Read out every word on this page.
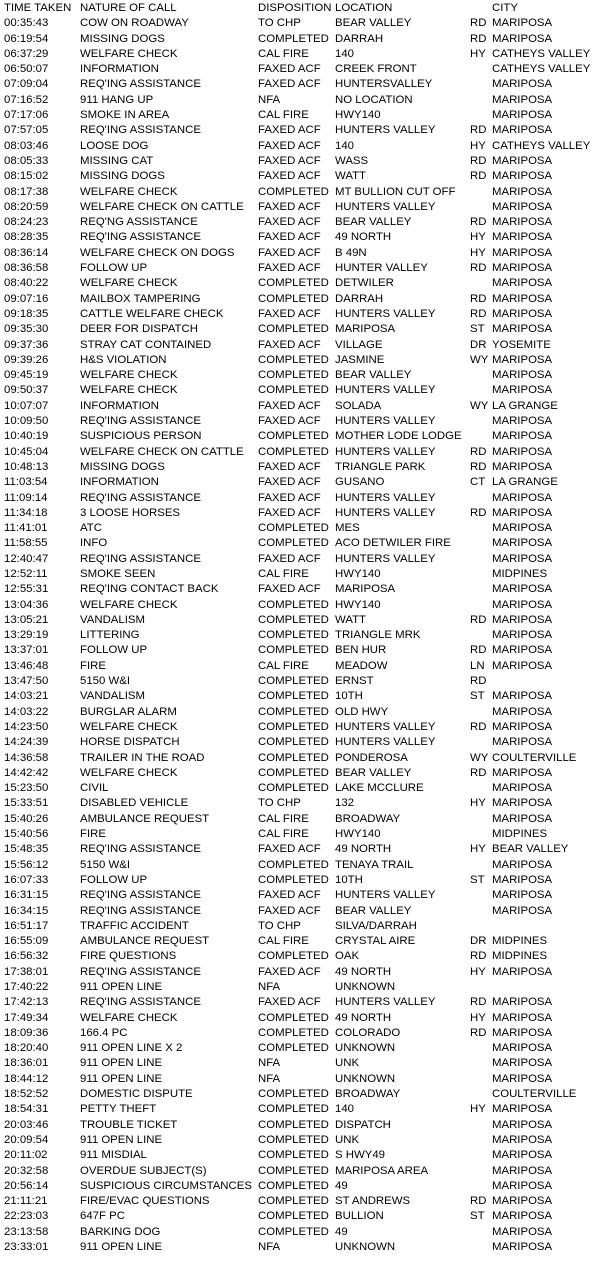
TIME TAKEN NATURE OF CALL	DISPOSITION LOCATION	CITY
00:35:43	COW ON ROADWAY	TO CHP	BEAR VALLEY	RD MARIPOSA
06:19:54	MISSING DOGS	COMPLETED DARRAH	RD MARIPOSA
06:37:29	WELFARE CHECK	CAL FIRE 140	HY CATHEYS VALLEY
06:50:07	INFORMATION	FAXED ACF CREEK FRONT	CATHEYS VALLEY
07:09:04	REQ'ING ASSISTANCE	FAXED ACF HUNTERSVALLEY	MARIPOSA
07:16:52	911 HANG UP	NFA	NO LOCATION	MARIPOSA
07:17:06	SMOKE IN AREA	CAL FIRE HWY140	MARIPOSA
07:57:05	REQ'ING ASSISTANCE	FAXED ACF HUNTERS VALLEY	RD MARIPOSA
08:03:46	LOOSE DOG	FAXED ACF 140	HY CATHEYS VALLEY
08:05:33	MISSING CAT	FAXED ACF WASS	RD MARIPOSA
08:15:02	MISSING DOGS	FAXED ACF WATT	RD MARIPOSA
08:17:38	WELFARE CHECK	COMPLETED MT BULLION CUT OFF	MARIPOSA
08:20:59	WELFARE CHECK ON CATTLE FAXED ACF HUNTERS VALLEY	MARIPOSA
08:24:23	REQ'NG ASSISTANCE	FAXED ACF BEAR VALLEY	RD MARIPOSA
08:28:35	REQ'ING ASSISTANCE	FAXED ACF 49 NORTH	HY MARIPOSA
08:36:14	WELFARE CHECK ON DOGS FAXED ACF B 49N	HY MARIPOSA
08:36:58	FOLLOW UP	FAXED ACF HUNTER VALLEY	RD MARIPOSA
08:40:22	WELFARE CHECK	COMPLETED DETWILER	MARIPOSA
09:07:16	MAILBOX TAMPERING	COMPLETED DARRAH	RD MARIPOSA
09:18:35	CATTLE WELFARE CHECK	FAXED ACF HUNTERS VALLEY	RD MARIPOSA
09:35:30	DEER FOR DISPATCH	COMPLETED MARIPOSA	ST MARIPOSA
09:37:36	STRAY CAT CONTAINED	FAXED ACF VILLAGE	DR YOSEMITE
09:39:26	H&S VIOLATION	COMPLETED JASMINE	WY MARIPOSA
09:45:19	WELFARE CHECK	COMPLETED BEAR VALLEY	MARIPOSA
09:50:37	WELFARE CHECK	COMPLETED HUNTERS VALLEY	MARIPOSA
10:07:07	INFORMATION	FAXED ACF SOLADA	WY LA GRANGE
10:09:50	REQ'ING ASSISTANCE	FAXED ACF HUNTERS VALLEY	MARIPOSA
10:40:19	SUSPICIOUS PERSON	COMPLETED MOTHER LODE LODGE	MARIPOSA
10:45:04	WELFARE CHECK ON CATTLE COMPLETED HUNTERS VALLEY	RD MARIPOSA
10:48:13	MISSING DOGS	FAXED ACF TRIANGLE PARK	RD MARIPOSA
11:03:54	INFORMATION	FAXED ACF GUSANO	CT LA GRANGE
11:09:14	REQ'ING ASSISTANCE	FAXED ACF HUNTERS VALLEY	MARIPOSA
11:34:18	3 LOOSE HORSES	FAXED ACF HUNTERS VALLEY	RD MARIPOSA
11:41:01	ATC	COMPLETED MES	MARIPOSA
11:58:55	INFO	COMPLETED ACO DETWILER FIRE	MARIPOSA
12:40:47	REQ'ING ASSISTANCE	FAXED ACF HUNTERS VALLEY	MARIPOSA
12:52:11	SMOKE SEEN	CAL FIRE HWY140	MIDPINES
12:55:31	REQ'ING CONTACT BACK	FAXED ACF MARIPOSA	MARIPOSA
13:04:36	WELFARE CHECK	COMPLETED HWY140	MARIPOSA
13:05:21	VANDALISM	COMPLETED WATT	RD MARIPOSA
13:29:19	LITTERING	COMPLETED TRIANGLE MRK	MARIPOSA
13:37:01	FOLLOW UP	COMPLETED BEN HUR	RD MARIPOSA
13:46:48	FIRE	CAL FIRE MEADOW	LN MARIPOSA
13:47:50	5150 W&I	COMPLETED ERNST	RD
14:03:21	VANDALISM	COMPLETED 10TH	ST MARIPOSA
14:03:22	BURGLAR ALARM	COMPLETED OLD HWY	MARIPOSA
14:23:50	WELFARE CHECK	COMPLETED HUNTERS VALLEY	RD MARIPOSA
14:24:39	HORSE DISPATCH	COMPLETED HUNTERS VALLEY	MARIPOSA
14:36:58	TRAILER IN THE ROAD	COMPLETED PONDEROSA	WY COULTERVILLE
14:42:42	WELFARE CHECK	COMPLETED BEAR VALLEY	RD MARIPOSA
15:23:50	CIVIL	COMPLETED LAKE MCCLURE	MARIPOSA
15:33:51	DISABLED VEHICLE	TO CHP	132	HY MARIPOSA
15:40:26	AMBULANCE REQUEST	CAL FIRE BROADWAY	MARIPOSA
15:40:56	FIRE	CAL FIRE HWY140	MIDPINES
15:48:35	REQ'ING ASSISTANCE	FAXED ACF 49 NORTH	HY BEAR VALLEY
15:56:12	5150 W&I	COMPLETED TENAYA TRAIL	MARIPOSA
16:07:33	FOLLOW UP	COMPLETED 10TH	ST MARIPOSA
16:31:15	REQ'ING ASSISTANCE	FAXED ACF HUNTERS VALLEY	MARIPOSA
16:34:15	REQ'ING ASSISTANCE	FAXED ACF BEAR VALLEY	MARIPOSA
16:51:17	TRAFFIC ACCIDENT	TO CHP	SILVA/DARRAH
16:55:09	AMBULANCE REQUEST	CAL FIRE CRYSTAL AIRE	DR MIDPINES
16:56:32	FIRE QUESTIONS	COMPLETED OAK	RD MIDPINES
17:38:01	REQ'ING ASSISTANCE	FAXED ACF 49 NORTH	HY MARIPOSA
17:40:22	911 OPEN LINE	NFA	UNKNOWN
17:42:13	REQ'ING ASSISTANCE	FAXED ACF HUNTERS VALLEY	RD MARIPOSA
17:49:34	WELFARE CHECK	COMPLETED 49 NORTH	HY MARIPOSA
18:09:36	166.4 PC	COMPLETED COLORADO	RD MARIPOSA
18:20:40	911 OPEN LINE X 2	COMPLETED UNKNOWN	MARIPOSA
18:36:01	911 OPEN LINE	NFA	UNK	MARIPOSA
18:44:12	911 OPEN LINE	NFA	UNKNOWN	MARIPOSA
18:52:52	DOMESTIC DISPUTE	COMPLETED BROADWAY	COULTERVILLE
18:54:31	PETTY THEFT	COMPLETED 140	HY MARIPOSA
20:03:46	TROUBLE TICKET	COMPLETED DISPATCH	MARIPOSA
20:09:54	911 OPEN LINE	COMPLETED UNK	MARIPOSA
20:11:02	911 MISDIAL	COMPLETED S HWY49	MARIPOSA
20:32:58	OVERDUE SUBJECT(S)	COMPLETED MARIPOSA AREA	MARIPOSA
20:56:14	SUSPICIOUS CIRCUMSTANCES COMPLETED 49	MARIPOSA
21:11:21	FIRE/EVAC QUESTIONS	COMPLETED ST ANDREWS	RD MARIPOSA
22:23:03	647F PC	COMPLETED BULLION	ST MARIPOSA
23:13:58	BARKING DOG	COMPLETED 49	MARIPOSA
23:33:01	911 OPEN LINE	NFA	UNKNOWN	MARIPOSA
